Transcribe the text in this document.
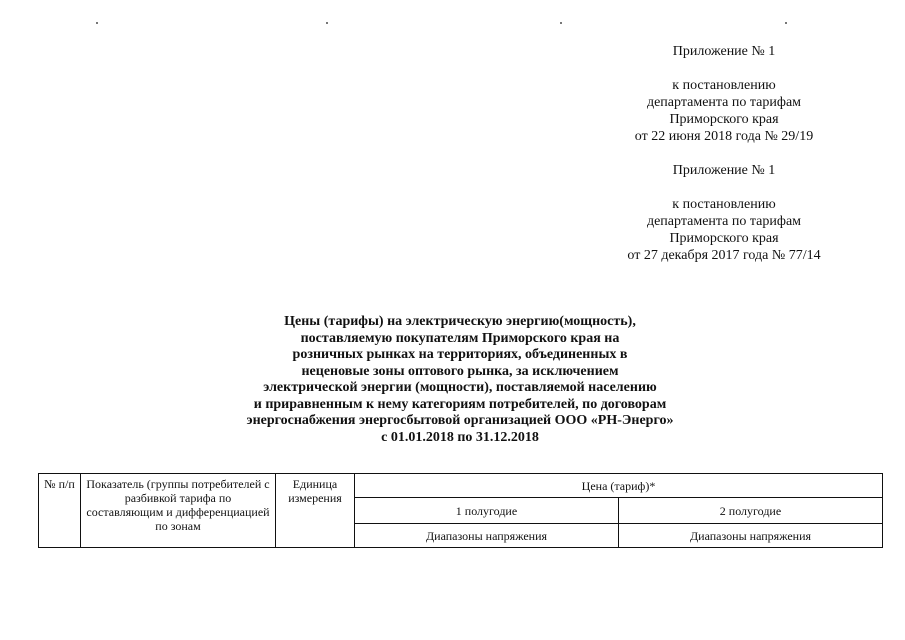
Приложение № 1
к постановлению
департамента по тарифам
Приморского края
от 22 июня 2018 года № 29/19
Приложение № 1
к постановлению
департамента по тарифам
Приморского края
от 27 декабря 2017 года № 77/14
Цены (тарифы) на электрическую энергию(мощность),
поставляемую покупателям Приморского края на
розничных рынках на территориях, объединенных в
неценовые зоны оптового рынка, за исключением
электрической энергии (мощности), поставляемой населению
и приравненным к нему категориям потребителей, по договорам
энергоснабжения энергосбытовой организацией ООО «РН-Энерго»
с 01.01.2018 по 31.12.2018
№ п/п	Показатель (группы потребителей с разбивкой тарифа по составляющим и дифференциацией по зонам	Единица измерения	Цена (тариф)*	
			1 полугодие	2 полугодие
			Диапазоны напряжения	Диапазоны напряжения
